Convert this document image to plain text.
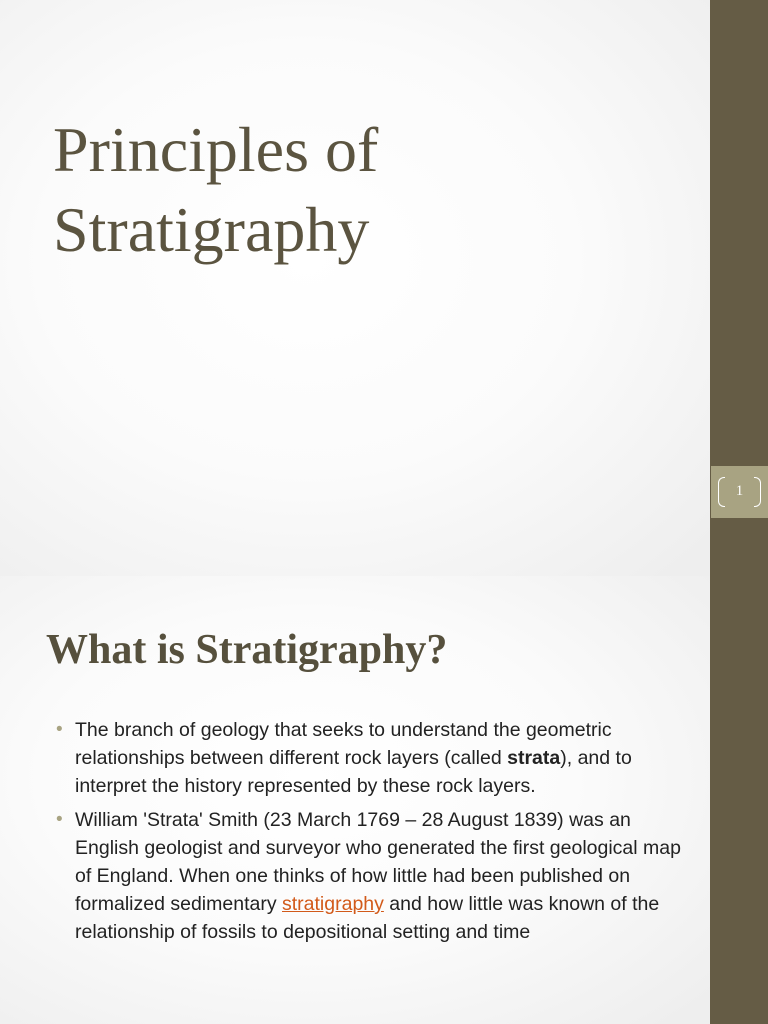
Principles of
Stratigraphy
1
What is Stratigraphy?
• The branch of geology that seeks to understand the geometric relationships between different rock layers (called strata), and to interpret the history represented by these rock layers.
• William 'Strata' Smith (23 March 1769 – 28 August 1839) was an English geologist and surveyor who generated the first geological map of England. When one thinks of how little had been published on formalized sedimentary stratigraphy and how little was known of the relationship of fossils to depositional setting and time
